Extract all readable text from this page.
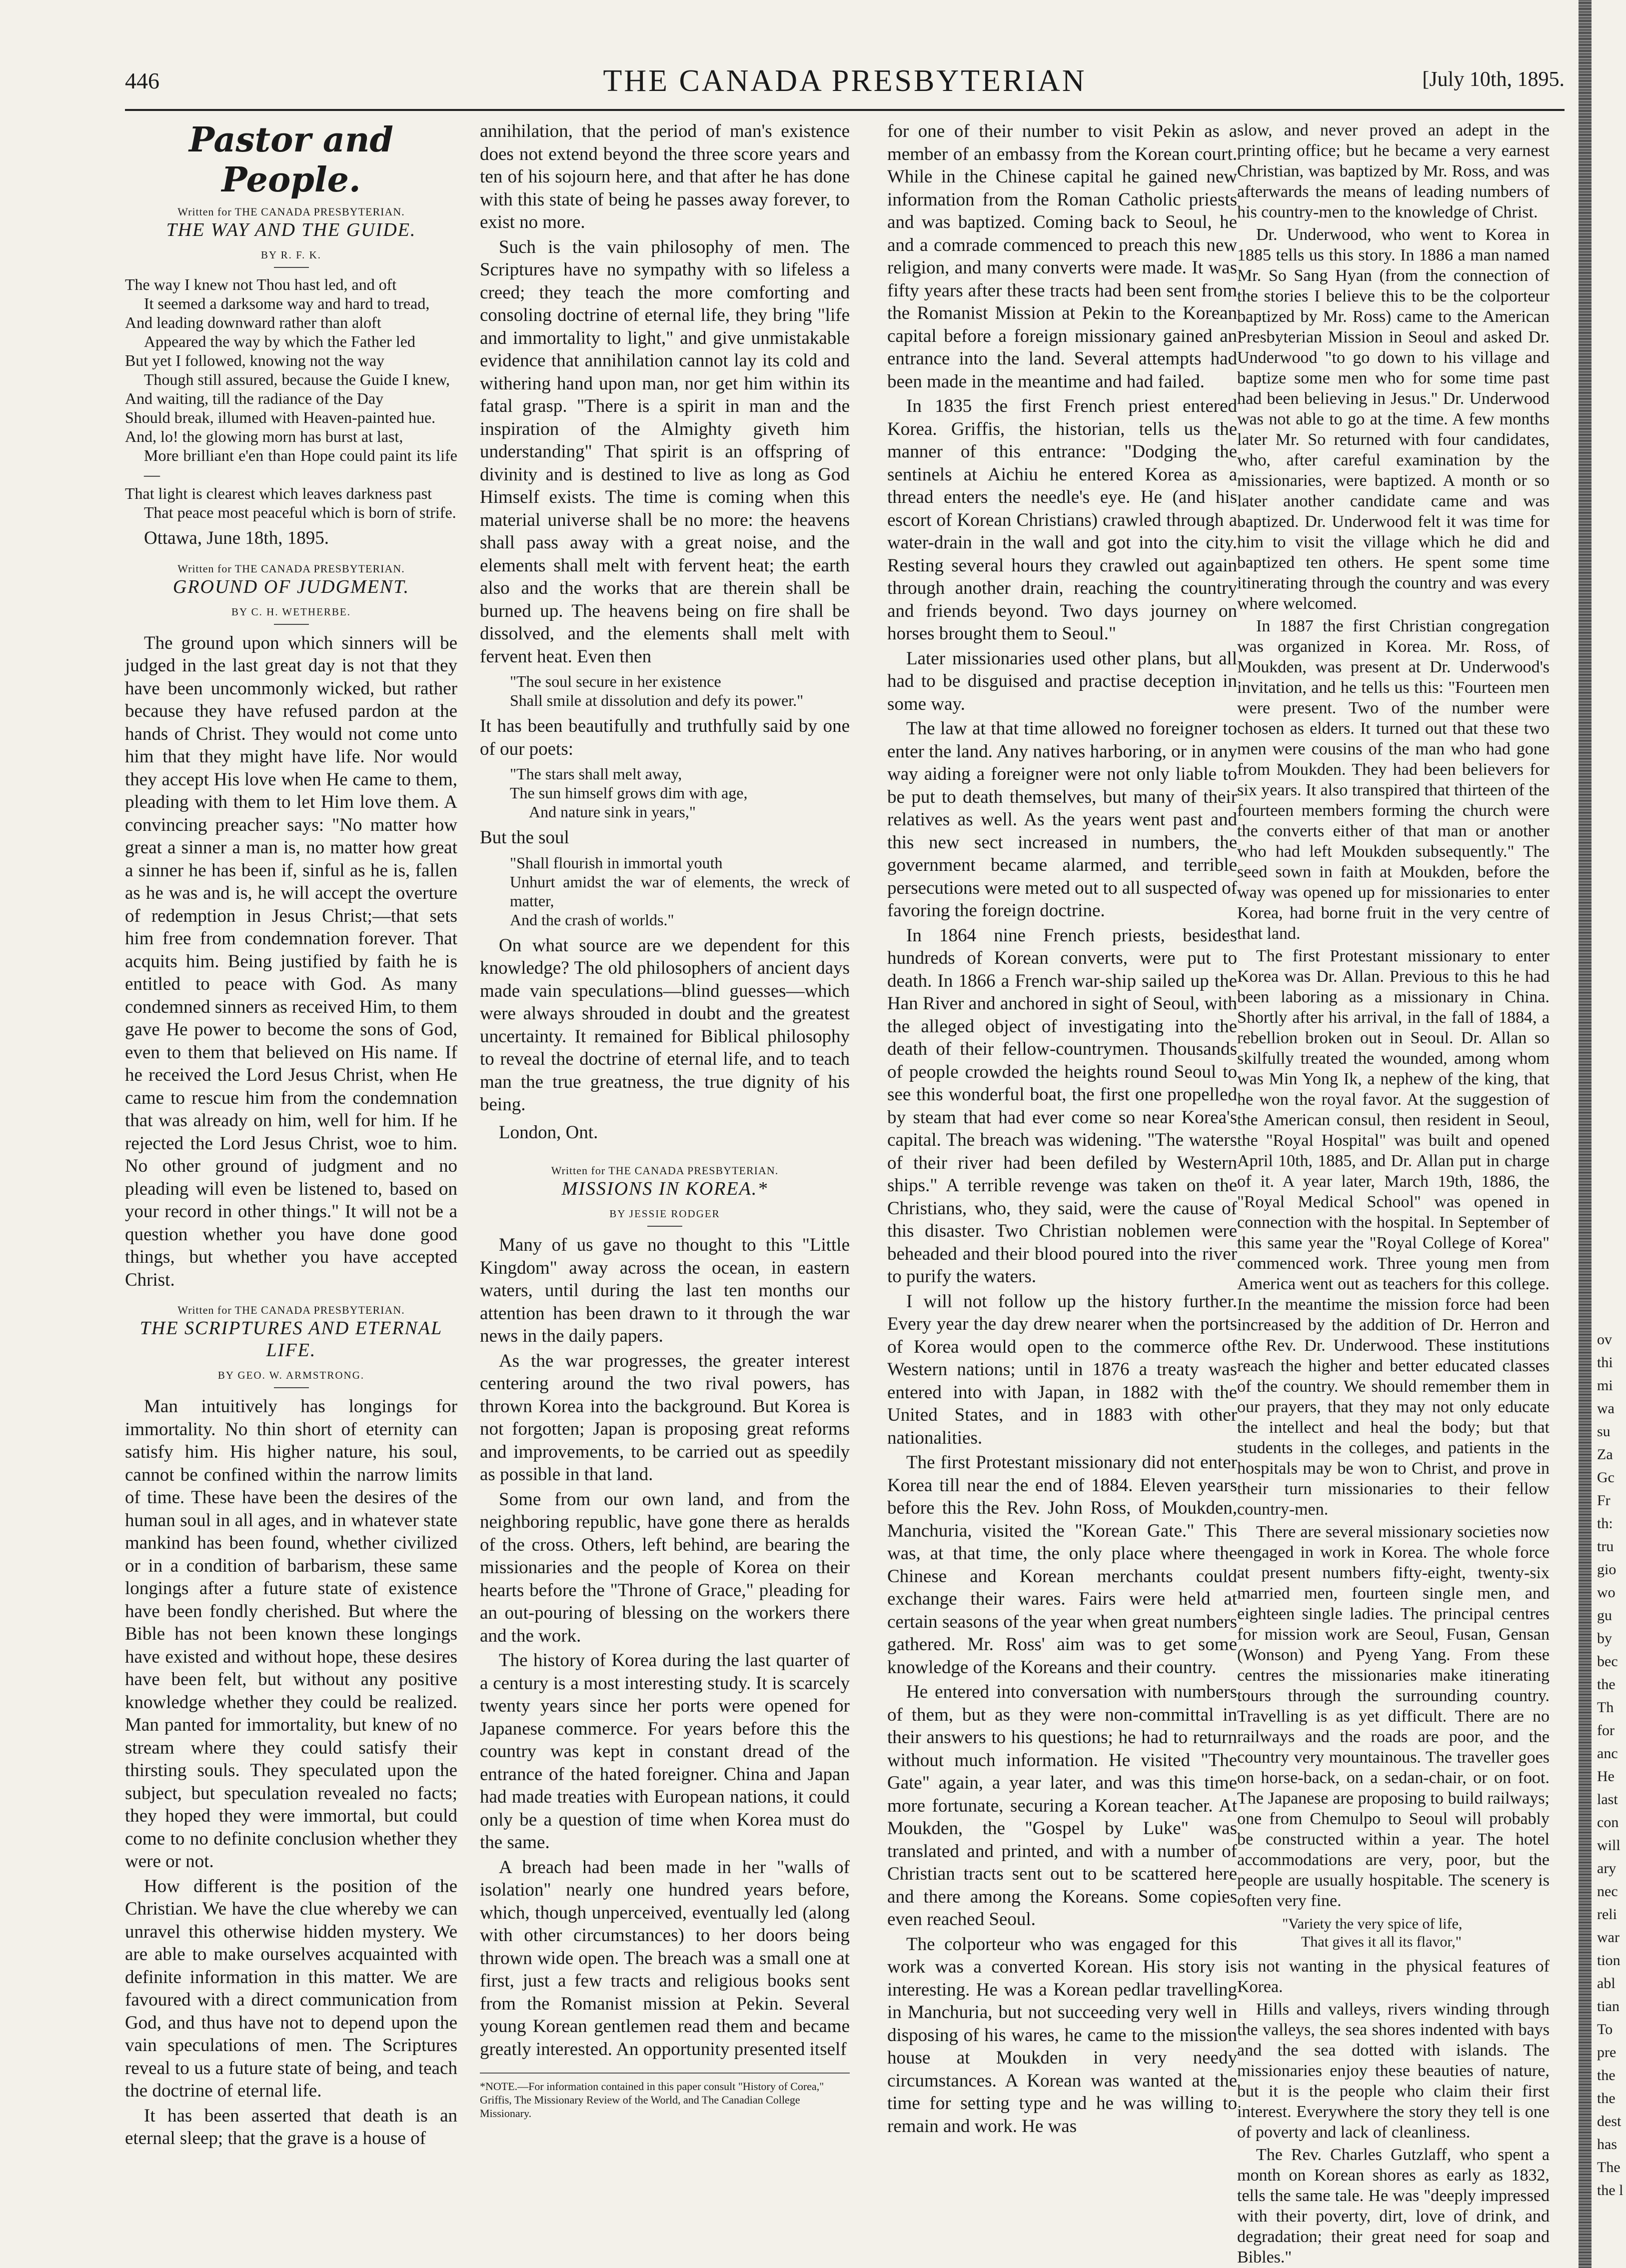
446	THE CANADA PRESBYTERIAN	[July 10th, 1895.
Pastor and People.
Written for THE CANADA PRESBYTERIAN.
THE WAY AND THE GUIDE.
BY R. F. K.
The way I knew not Thou hast led, and oft
It seemed a darksome way and hard to tread,
And leading downward rather than aloft
Appeared the way by which the Father led
But yet I followed, knowing not the way
Though still assured, because the Guide I knew,
And waiting, till the radiance of the Day
Should break, illumed with Heaven-painted hue.
And, lo! the glowing morn has burst at last,
More brilliant e'en than Hope could paint its life—
That light is clearest which leaves darkness past
That peace most peaceful which is born of strife.
Ottawa, June 18th, 1895.
Written for THE CANADA PRESBYTERIAN.
GROUND OF JUDGMENT.
BY C. H. WETHERBE.

The ground upon which sinners will be judged in the last great day is not that they have been uncommonly wicked, but rather because they have refused pardon at the hands of Christ. They would not come unto him that they might have life. Nor would they accept His love when He came to them, pleading with them to let Him love them. A convincing preacher says: "No matter how great a sinner a man is, no matter how great a sinner he has been if, sinful as he is, fallen as he was and is, he will accept the overture of redemption in Jesus Christ;—that sets him free from condemnation forever. That acquits him. Being justified by faith he is entitled to peace with God. As many condemned sinners as received Him, to them gave He power to become the sons of God, even to them that believed on His name. If he received the Lord Jesus Christ, when He came to rescue him from the condemnation that was already on him, well for him. If he rejected the Lord Jesus Christ, woe to him. No other ground of judgment and no pleading will even be listened to, based on your record in other things." It will not be a question whether you have done good things, but whether you have accepted Christ.

Written for THE CANADA PRESBYTERIAN.
THE SCRIPTURES AND ETERNAL LIFE.
BY GEO. W. ARMSTRONG.

Man intuitively has longings for immortality. No thin short of eternity can satisfy him. His higher nature, his soul, cannot be confined within the narrow limits of time. These have been the desires of the human soul in all ages, and in whatever state mankind has been found, whether civilized or in a condition of barbarism, these same longings after a future state of existence have been fondly cherished. But where the Bible has not been known these longings have existed and without hope, these desires have been felt, but without any positive knowledge whether they could be realized. Man panted for immortality, but knew of no stream where they could satisfy their thirsting souls. They speculated upon the subject, but speculation revealed no facts; they hoped they were immortal, but could come to no definite conclusion whether they were or not.

How different is the position of the Christian. We have the clue whereby we can unravel this otherwise hidden mystery. We are able to make ourselves acquainted with definite information in this matter. We are favoured with a direct communication from God, and thus have not to depend upon the vain speculations of men. The Scriptures reveal to us a future state of being, and teach the doctrine of eternal life.

It has been asserted that death is an eternal sleep; that the grave is a house of

annihilation, that the period of man's existence does not extend beyond the three score years and ten of his sojourn here, and that after he has done with this state of being he passes away forever, to exist no more.

Such is the vain philosophy of men. The Scriptures have no sympathy with so lifeless a creed; they teach the more comforting and consoling doctrine of eternal life, they bring "life and immortality to light," and give unmistakable evidence that annihilation cannot lay its cold and withering hand upon man, nor get him within its fatal grasp. "There is a spirit in man and the inspiration of the Almighty giveth him understanding" That spirit is an offspring of divinity and is destined to live as long as God Himself exists. The time is coming when this material universe shall be no more: the heavens shall pass away with a great noise, and the elements shall melt with fervent heat; the earth also and the works that are therein shall be burned up. The heavens being on fire shall be dissolved, and the elements shall melt with fervent heat. Even then

"The soul secure in her existence
Shall smile at dissolution and defy its power."

It has been beautifully and truthfully said by one of our poets:

"The stars shall melt away,
The sun himself grows dim with age,
And nature sink in years,"

But the soul

"Shall flourish in immortal youth
Unhurt amidst the war of elements, the wreck of matter,
And the crash of worlds."

On what source are we dependent for this knowledge? The old philosophers of ancient days made vain speculations—blind guesses—which were always shrouded in doubt and the greatest uncertainty. It remained for Biblical philosophy to reveal the doctrine of eternal life, and to teach man the true greatness, the true dignity of his being.

London, Ont.
Written for THE CANADA PRESBYTERIAN.
MISSIONS IN KOREA.*
BY JESSIE RODGER

Many of us gave no thought to this "Little Kingdom" away across the ocean, in eastern waters, until during the last ten months our attention has been drawn to it through the war news in the daily papers.

As the war progresses, the greater interest centering around the two rival powers, has thrown Korea into the background. But Korea is not forgotten; Japan is proposing great reforms and improvements, to be carried out as speedily as possible in that land.

Some from our own land, and from the neighboring republic, have gone there as heralds of the cross. Others, left behind, are bearing the missionaries and the people of Korea on their hearts before the "Throne of Grace," pleading for an out-pouring of blessing on the workers there and the work.

The history of Korea during the last quarter of a century is a most interesting study. It is scarcely twenty years since her ports were opened for Japanese commerce. For years before this the country was kept in constant dread of the entrance of the hated foreigner. China and Japan had made treaties with European nations, it could only be a question of time when Korea must do the same.

A breach had been made in her "walls of isolation" nearly one hundred years before, which, though unperceived, eventually led (along with other circumstances) to her doors being thrown wide open. The breach was a small one at first, just a few tracts and religious books sent from the Romanist mission at Pekin. Several young Korean gentlemen read them and became greatly interested. An opportunity presented itself

*NOTE.—For information contained in this paper consult "History of Corea," Griffis, The Missionary Review of the World, and The Canadian College Missionary.

for one of their number to visit Pekin as a member of an embassy from the Korean court. While in the Chinese capital he gained new information from the Roman Catholic priests and was baptized. Coming back to Seoul, he and a comrade commenced to preach this new religion, and many converts were made. It was fifty years after these tracts had been sent from the Romanist Mission at Pekin to the Korean capital before a foreign missionary gained an entrance into the land. Several attempts had been made in the meantime and had failed.

In 1835 the first French priest entered Korea. Griffis, the historian, tells us the manner of this entrance: "Dodging the sentinels at Aichiu he entered Korea as a thread enters the needle's eye. He (and his escort of Korean Christians) crawled through a water-drain in the wall and got into the city. Resting several hours they crawled out again through another drain, reaching the country and friends beyond. Two days journey on horses brought them to Seoul."

Later missionaries used other plans, but all had to be disguised and practise deception in some way.

The law at that time allowed no foreigner to enter the land. Any natives harboring, or in any way aiding a foreigner were not only liable to be put to death themselves, but many of their relatives as well. As the years went past and this new sect increased in numbers, the government became alarmed, and terrible persecutions were meted out to all suspected of favoring the foreign doctrine.

In 1864 nine French priests, besides hundreds of Korean converts, were put to death. In 1866 a French war-ship sailed up the Han River and anchored in sight of Seoul, with the alleged object of investigating into the death of their fellow-countrymen. Thousands of people crowded the heights round Seoul to see this wonderful boat, the first one propelled by steam that had ever come so near Korea's capital. The breach was widening. "The waters of their river had been defiled by Western ships." A terrible revenge was taken on the Christians, who, they said, were the cause of this disaster. Two Christian noblemen were beheaded and their blood poured into the river to purify the waters.

I will not follow up the history further. Every year the day drew nearer when the ports of Korea would open to the commerce of Western nations; until in 1876 a treaty was entered into with Japan, in 1882 with the United States, and in 1883 with other nationalities.

The first Protestant missionary did not enter Korea till near the end of 1884. Eleven years before this the Rev. John Ross, of Moukden, Manchuria, visited the "Korean Gate." This was, at that time, the only place where the Chinese and Korean merchants could exchange their wares. Fairs were held at certain seasons of the year when great numbers gathered. Mr. Ross' aim was to get some knowledge of the Koreans and their country.

He entered into conversation with numbers of them, but as they were non-committal in their answers to his questions; he had to return without much information. He visited "The Gate" again, a year later, and was this time more fortunate, securing a Korean teacher. At Moukden, the "Gospel by Luke" was translated and printed, and with a number of Christian tracts sent out to be scattered here and there among the Koreans. Some copies even reached Seoul.

The colporteur who was engaged for this work was a converted Korean. His story is interesting. He was a Korean pedlar travelling in Manchuria, but not succeeding very well in disposing of his wares, he came to the mission house at Moukden in very needy circumstances. A Korean was wanted at the time for setting type and he was willing to remain and work. He was

slow, and never proved an adept in the printing office; but he became a very earnest Christian, was baptized by Mr. Ross, and was afterwards the means of leading numbers of his country-men to the knowledge of Christ.

Dr. Underwood, who went to Korea in 1885 tells us this story. In 1886 a man named Mr. So Sang Hyan (from the connection of the stories I believe this to be the colporteur baptized by Mr. Ross) came to the American Presbyterian Mission in Seoul and asked Dr. Underwood "to go down to his village and baptize some men who for some time past had been believing in Jesus." Dr. Underwood was not able to go at the time. A few months later Mr. So returned with four candidates, who, after careful examination by the missionaries, were baptized. A month or so later another candidate came and was baptized. Dr. Underwood felt it was time for him to visit the village which he did and baptized ten others. He spent some time itinerating through the country and was every where welcomed.

In 1887 the first Christian congregation was organized in Korea. Mr. Ross, of Moukden, was present at Dr. Underwood's invitation, and he tells us this: "Fourteen men were present. Two of the number were chosen as elders. It turned out that these two men were cousins of the man who had gone from Moukden. They had been believers for six years. It also transpired that thirteen of the fourteen members forming the church were the converts either of that man or another who had left Moukden subsequently." The seed sown in faith at Moukden, before the way was opened up for missionaries to enter Korea, had borne fruit in the very centre of that land.

The first Protestant missionary to enter Korea was Dr. Allan. Previous to this he had been laboring as a missionary in China. Shortly after his arrival, in the fall of 1884, a rebellion broken out in Seoul. Dr. Allan so skilfully treated the wounded, among whom was Min Yong Ik, a nephew of the king, that he won the royal favor. At the suggestion of the American consul, then resident in Seoul, the "Royal Hospital" was built and opened April 10th, 1885, and Dr. Allan put in charge of it. A year later, March 19th, 1886, the "Royal Medical School" was opened in connection with the hospital. In September of this same year the "Royal College of Korea" commenced work. Three young men from America went out as teachers for this college. In the meantime the mission force had been increased by the addition of Dr. Herron and the Rev. Dr. Underwood. These institutions reach the higher and better educated classes of the country. We should remember them in our prayers, that they may not only educate the intellect and heal the body; but that students in the colleges, and patients in the hospitals may be won to Christ, and prove in their turn missionaries to their fellow country-men.

There are several missionary societies now engaged in work in Korea. The whole force at present numbers fifty-eight, twenty-six married men, fourteen single men, and eighteen single ladies. The principal centres for mission work are Seoul, Fusan, Gensan (Wonson) and Pyeng Yang. From these centres the missionaries make itinerating tours through the surrounding country. Travelling is as yet difficult. There are no railways and the roads are poor, and the country very mountainous. The traveller goes on horse-back, on a sedan-chair, or on foot. The Japanese are proposing to build railways; one from Chemulpo to Seoul will probably be constructed within a year. The hotel accommodations are very, poor, but the people are usually hospitable. The scenery is often very fine.

"Variety the very spice of life,
That gives it all its flavor,"

is not wanting in the physical features of Korea.

Hills and valleys, rivers winding through the valleys, the sea shores indented with bays and the sea dotted with islands. The missionaries enjoy these beauties of nature, but it is the people who claim their first interest. Everywhere the story they tell is one of poverty and lack of cleanliness.

The Rev. Charles Gutzlaff, who spent a month on Korean shores as early as 1832, tells the same tale. He was "deeply impressed with their poverty, dirt, love of drink, and degradation; their great need for soap and Bibles."

ov
thi
mi
wa
su
Za
Gc
Fr
th:
tru
gio
wo
gu
by
bec
the
Th
for
anc
He
last
con
will
ary
nec
reli
war
tion
abl
tian
To
pre
the
the
dest
has
The
the l
